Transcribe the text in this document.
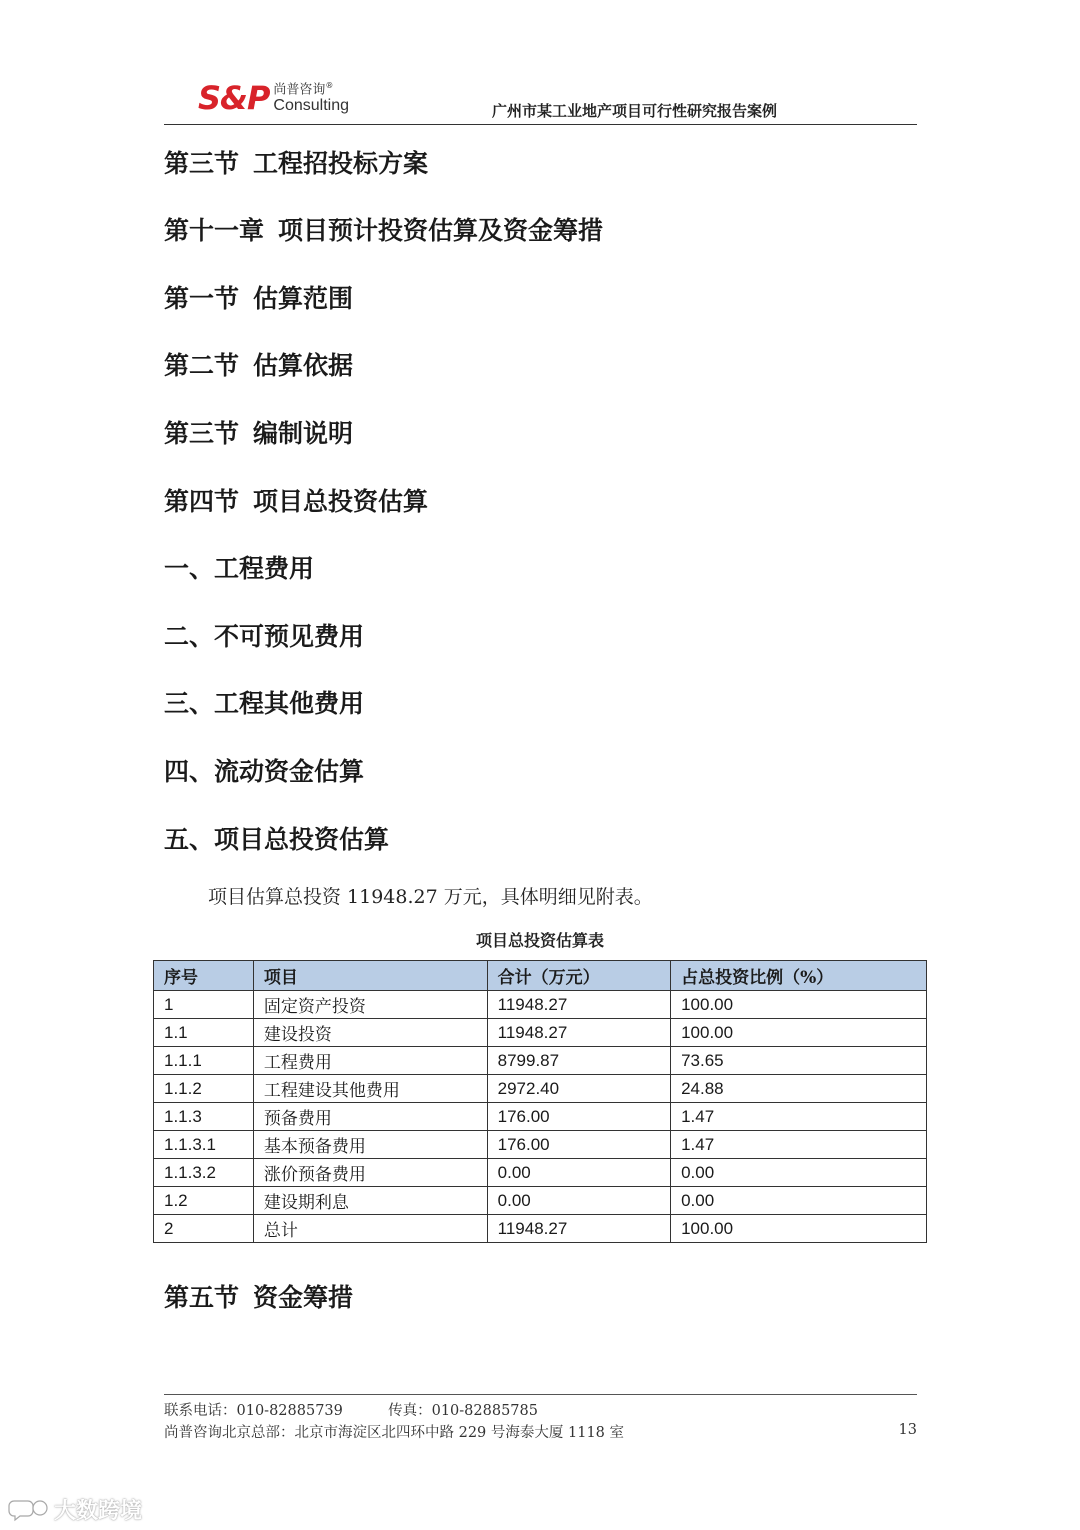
S&P 尚普咨询®
Consulting	广州市某工业地产项目可行性研究报告案例
第三节 工程招投标方案
第十一章 项目预计投资估算及资金筹措
第一节 估算范围
第二节 估算依据
第三节 编制说明
第四节 项目总投资估算
一、工程费用
二、不可预见费用
三、工程其他费用
四、流动资金估算
五、项目总投资估算
项目估算总投资 11948.27 万元，具体明细见附表。
项目总投资估算表
序号	项目	合计（万元）	占总投资比例（%）
1	固定资产投资	11948.27	100.00
1.1	建设投资	11948.27	100.00
1.1.1	工程费用	8799.87	73.65
1.1.2	工程建设其他费用	2972.40	24.88
1.1.3	预备费用	176.00	1.47
1.1.3.1	基本预备费用	176.00	1.47
1.1.3.2	涨价预备费用	0.00	0.00
1.2	建设期利息	0.00	0.00
2	总计	11948.27	100.00
第五节 资金筹措
联系电话：010-82885739	传真：010-82885785
尚普咨询北京总部：北京市海淀区北四环中路 229 号海泰大厦 1118 室	13
大数跨境
